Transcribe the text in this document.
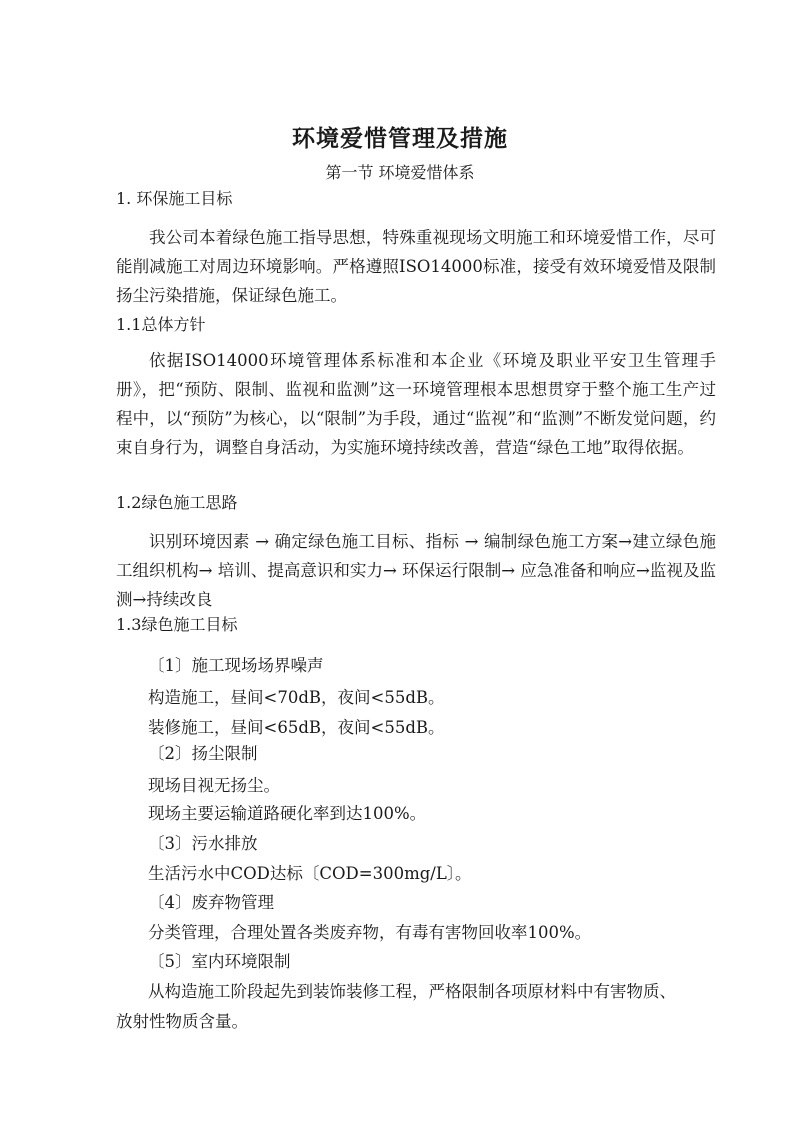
环境爱惜管理及措施
第一节 环境爱惜体系
1. 环保施工目标

我公司本着绿色施工指导思想，特殊重视现场文明施工和环境爱惜工作，尽可能削减施工对周边环境影响。严格遵照ISO14000标准，接受有效环境爱惜及限制扬尘污染措施，保证绿色施工。

1.1总体方针

依据ISO14000环境管理体系标准和本企业《环境及职业平安卫生管理手册》，把“预防、限制、监视和监测”这一环境管理根本思想贯穿于整个施工生产过程中，以“预防”为核心，以“限制”为手段，通过“监视”和“监测”不断发觉问题，约束自身行为，调整自身活动，为实施环境持续改善，营造“绿色工地”取得依据。

1.2绿色施工思路

识别环境因素 → 确定绿色施工目标、指标 → 编制绿色施工方案→建立绿色施工组织机构→ 培训、提高意识和实力→ 环保运行限制→ 应急准备和响应→监视及监测→持续改良

1.3绿色施工目标
〔1〕施工现场场界噪声
构造施工，昼间<70dB，夜间<55dB。
装修施工，昼间<65dB，夜间<55dB。
〔2〕扬尘限制
现场目视无扬尘。
现场主要运输道路硬化率到达100%。
〔3〕污水排放
生活污水中COD达标〔COD=300mg/L〕。
〔4〕废弃物管理
分类管理，合理处置各类废弃物，有毒有害物回收率100%。
〔5〕室内环境限制
从构造施工阶段起先到装饰装修工程，严格限制各项原材料中有害物质、
放射性物质含量。
